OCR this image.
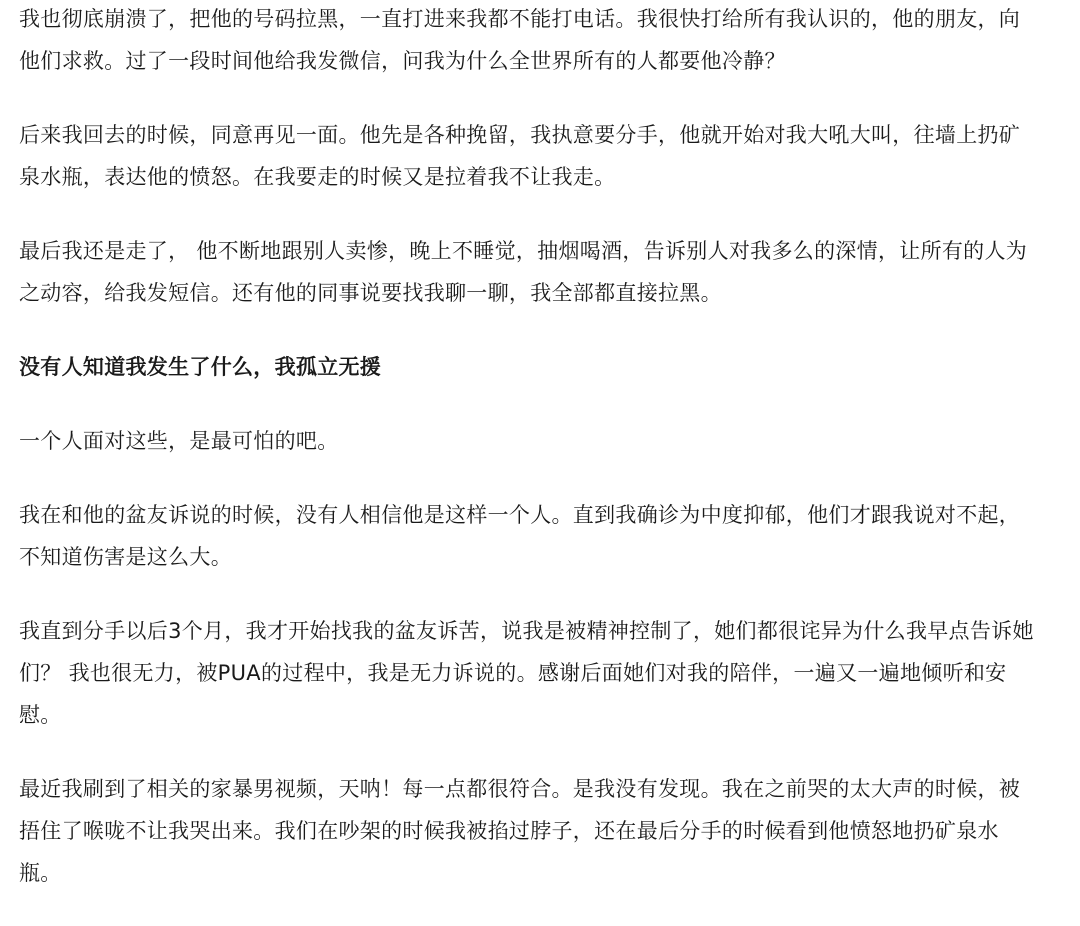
我也彻底崩溃了，把他的号码拉黑，一直打进来我都不能打电话。我很快打给所有我认识的，他的朋友，向他们求救。过了一段时间他给我发微信，问我为什么全世界所有的人都要他冷静？

后来我回去的时候，同意再见一面。他先是各种挽留，我执意要分手，他就开始对我大吼大叫，往墙上扔矿泉水瓶，表达他的愤怒。在我要走的时候又是拉着我不让我走。

最后我还是走了， 他不断地跟别人卖惨，晚上不睡觉，抽烟喝酒，告诉别人对我多么的深情，让所有的人为之动容，给我发短信。还有他的同事说要找我聊一聊，我全部都直接拉黑。

没有人知道我发生了什么，我孤立无援

一个人面对这些，是最可怕的吧。

我在和他的盆友诉说的时候，没有人相信他是这样一个人。直到我确诊为中度抑郁，他们才跟我说对不起，不知道伤害是这么大。

我直到分手以后3个月，我才开始找我的盆友诉苦，说我是被精神控制了，她们都很诧异为什么我早点告诉她们？ 我也很无力，被PUA的过程中，我是无力诉说的。感谢后面她们对我的陪伴，一遍又一遍地倾听和安慰。

最近我刷到了相关的家暴男视频，天呐！每一点都很符合。是我没有发现。我在之前哭的太大声的时候，被捂住了喉咙不让我哭出来。我们在吵架的时候我被掐过脖子，还在最后分手的时候看到他愤怒地扔矿泉水瓶。
